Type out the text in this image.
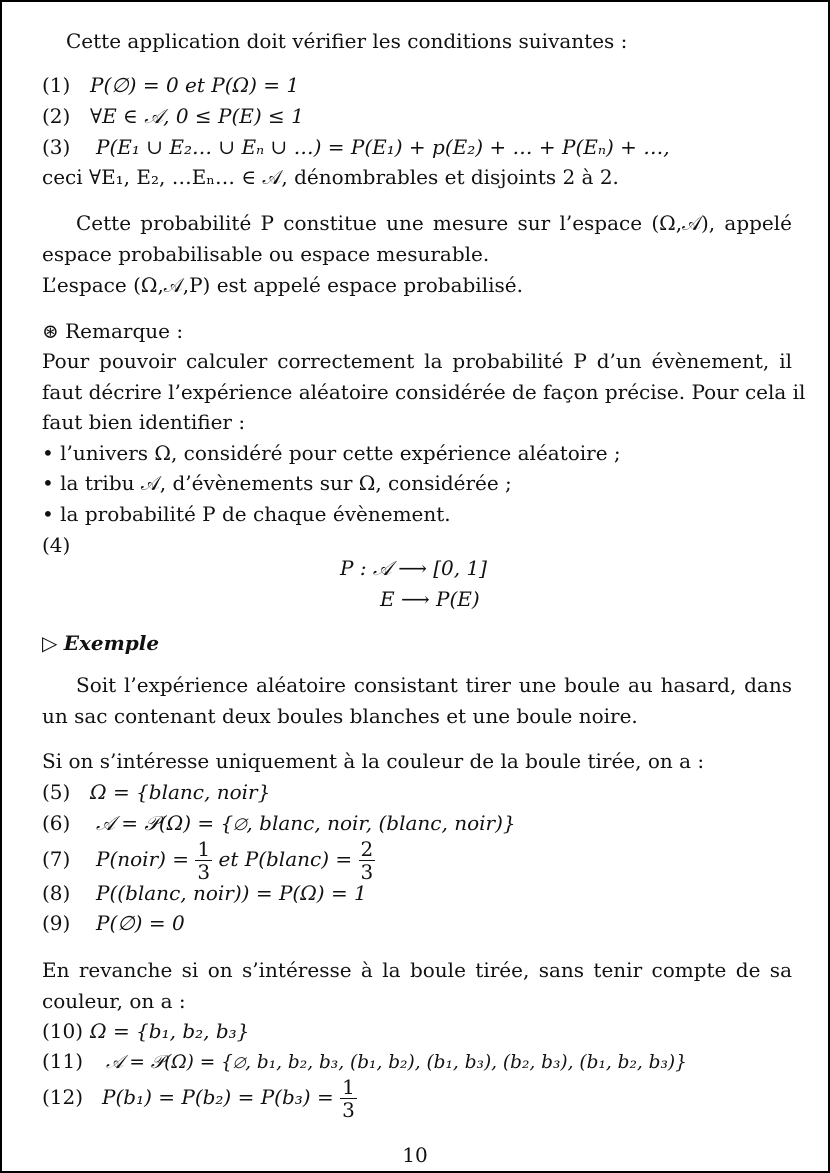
Cette application doit vérifier les conditions suivantes :
(1) P(∅) = 0 et P(Ω) = 1
(2) ∀E ∈ 𝒜, 0 ≤ P(E) ≤ 1
(3) P(E₁ ∪ E₂… ∪ Eₙ ∪ …) = P(E₁) + p(E₂) + … + P(Eₙ) + …,
ceci ∀E₁, E₂, …Eₙ… ∈ 𝒜, dénombrables et disjoints 2 à 2.
Cette probabilité P constitue une mesure sur l’espace (Ω,𝒜), appelé
espace probabilisable ou espace mesurable.
L’espace (Ω,𝒜,P) est appelé espace probabilisé.
⊛ Remarque :
Pour pouvoir calculer correctement la probabilité P d’un évènement, il
faut décrire l’expérience aléatoire considérée de façon précise. Pour cela il
faut bien identifier :
• l’univers Ω, considéré pour cette expérience aléatoire ;
• la tribu 𝒜, d’évènements sur Ω, considérée ;
• la probabilité P de chaque évènement.
(4)
P : 𝒜 ⟶ [0, 1]
E ⟶ P(E)
▷ Exemple
Soit l’expérience aléatoire consistant tirer une boule au hasard, dans
un sac contenant deux boules blanches et une boule noire.
Si on s’intéresse uniquement à la couleur de la boule tirée, on a :
(5) Ω = {blanc, noir}
(6) 𝒜 = 𝒫(Ω) = {∅, blanc, noir, (blanc, noir)}
(7) P(noir) = $\frac{1}{3}$ et P(blanc) = $\frac{2}{3}$
(8) P((blanc, noir)) = P(Ω) = 1
(9) P(∅) = 0
En revanche si on s’intéresse à la boule tirée, sans tenir compte de sa
couleur, on a :
(10) Ω = {b₁, b₂, b₃}
(11) 𝒜 = 𝒫(Ω) = {∅, b₁, b₂, b₃, (b₁, b₂), (b₁, b₃), (b₂, b₃), (b₁, b₂, b₃)}
(12) $P(b_1) = P(b_2) = P(b_3) = \frac{1}{3}$
10
